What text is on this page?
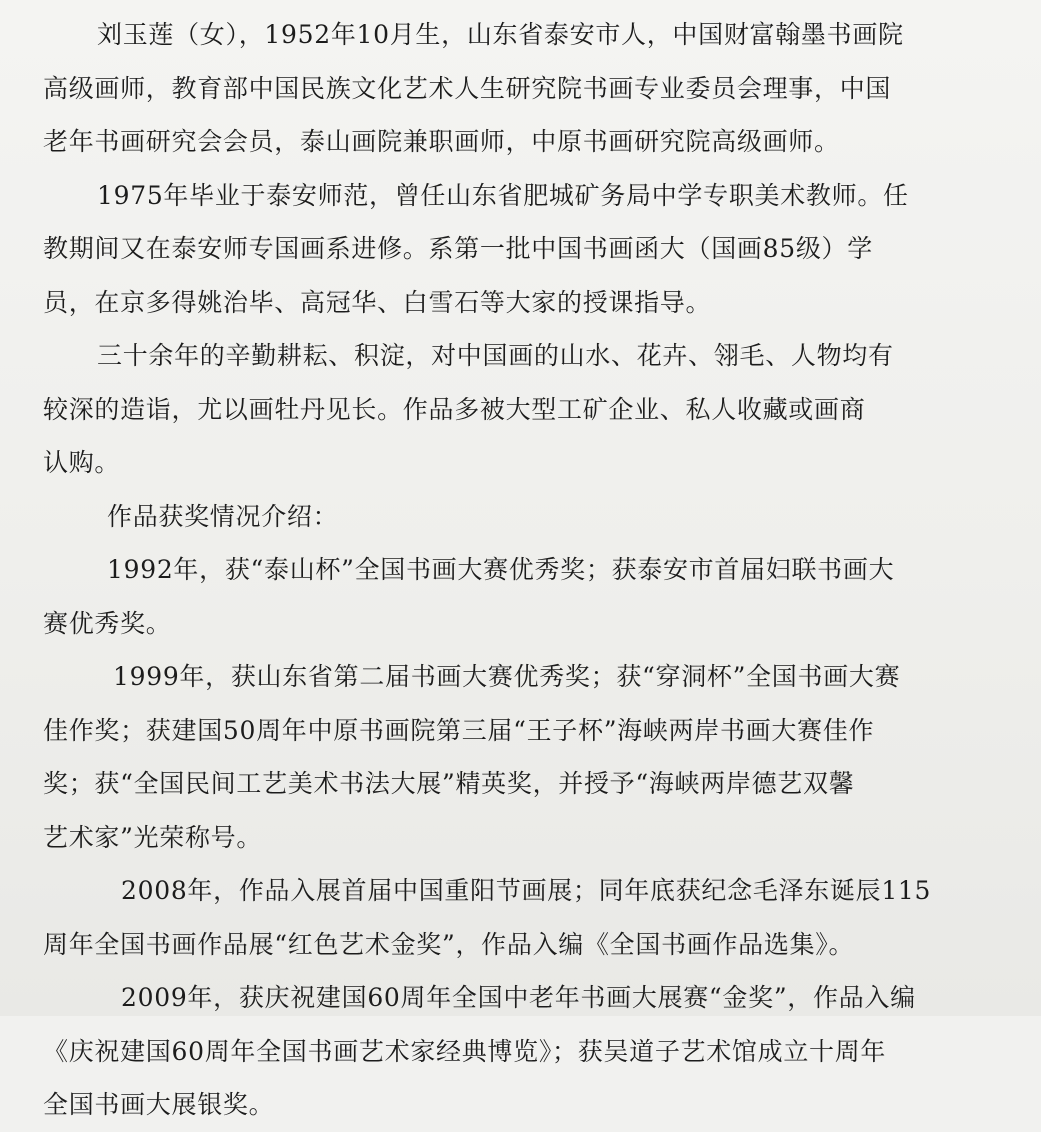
刘玉莲（女），1952年10月生，山东省泰安市人，中国财富翰墨书画院
高级画师，教育部中国民族文化艺术人生研究院书画专业委员会理事，中国
老年书画研究会会员，泰山画院兼职画师，中原书画研究院高级画师。

1975年毕业于泰安师范，曾任山东省肥城矿务局中学专职美术教师。任
教期间又在泰安师专国画系进修。系第一批中国书画函大（国画85级）学
员，在京多得姚治毕、高冠华、白雪石等大家的授课指导。

三十余年的辛勤耕耘、积淀，对中国画的山水、花卉、翎毛、人物均有
较深的造诣，尤以画牡丹见长。作品多被大型工矿企业、私人收藏或画商
认购。

作品获奖情况介绍：

1992年，获“泰山杯”全国书画大赛优秀奖；获泰安市首届妇联书画大
赛优秀奖。

1999年，获山东省第二届书画大赛优秀奖；获“穿洞杯”全国书画大赛
佳作奖；获建国50周年中原书画院第三届“王子杯”海峡两岸书画大赛佳作
奖；获“全国民间工艺美术书法大展”精英奖，并授予“海峡两岸德艺双馨
艺术家”光荣称号。

2008年，作品入展首届中国重阳节画展；同年底获纪念毛泽东诞辰115
周年全国书画作品展“红色艺术金奖”，作品入编《全国书画作品选集》。

2009年，获庆祝建国60周年全国中老年书画大展赛“金奖”，作品入编
《庆祝建国60周年全国书画艺术家经典博览》；获吴道子艺术馆成立十周年
全国书画大展银奖。
